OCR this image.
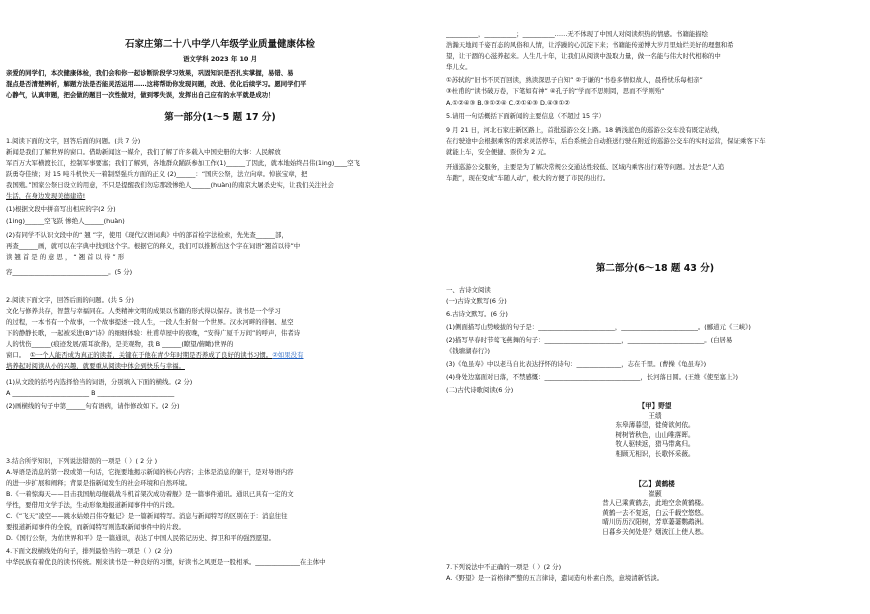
石家庄第二十八中学八年级学业质量健康体检
语文学科 2023 年 10 月
亲爱的同学们，本次健康体检，我们会和你一起诊断阶段学习效果，巩固知识是否扎实掌握，易错、易
混点是否清楚辨析，解题方法是否能灵活运用……这将帮助你发现问题，改进、优化后续学习。愿同学们平
心静气，认真审题，把会做的题目一次性做对，做到零失误，发挥出自己应有的水平就是成功！
第一部分(1～5 题 17 分)
1.阅读下面的文字，回答后面的问题。(共 7 分)
新闻是我们了解世界的窗口。借助新闻这一媒介，我们了解了许多载入中国史册的大事：人民解放
军百万大军横渡长江，控制军事要塞；我们了解到，各地群众踊跃参加工作(1)______了因此，就本地始终吕伟(1ing)____空飞
跃勇夺佳绩；对 15 吨斗机快天一着制型强兵方面的正义 (2)______：“国庆公祭，法立向章。悼嵌宝章，把
我国殖。”国家公祭日设立的用意，不只是提醒我们勿忘那段惨绝人______(huàn)的南京大屠杀史实，让我们关注社会
生活，在身边发现美德建造!
(1)根据文段中拼音写出相应的字(2 分)
(1ing)______空飞跃 惨绝人______(huàn)
(2)有同学不认识文段中的“ 翘 ”字，使用《现代汉语词典》中的部首检字法检索，先先查______部，
再查______画，就可以在字典中找到这个字。根据它的释义，我们可以推断出这个字在词语“翘首以待”中
读 翘 首 是 的 意 思 ， “ 翘 首 以 待 ” 形
容______________________________。(5 分)
2.阅读下面文字，回答后面的问题。(共 5 分)
文化与修养共存，智慧与幸福同在。人类精神文明的成果以书籍的形式得以保存。读书是一个学习
的过程，一本书有一个故事，一个故事提述一段人生，一段人生折射一个世界。汉水河畔的徘徊、星空
下的静静长歌，一起被采进(B)“诗》的细细体验：杜甫草屋中的夜晚，“安得广厦千万间”的呼声，伟者诗
人的忧伤______(痕迹发展/震耳欲聋)，是美观物，我 B ______(瞭望/俯瞰)世界的
窗口。
培养起对阅读从小的兴趣，就要重从阅读中体会到快乐与幸福。
(1)从文段的括号内选择恰当的词语，分别填入下面的横线。(2 分)
A ________________________ B ________________________
(2)画横线的句子中第______句有语病，请作修改如下。(2 分)
3.结合所学知识，下列说法错误的一项是（ ）( 2 分 )
A.导语是消息的第一段或第一句话，它扼要地揭示新闻的核心内容；主体是消息的躯干，是对导语内容
的进一步扩展和阐释；背景是指新闻发生的社会环境和自然环境。
B.《一着惊海天——目击我国航母舰载战斗机首架次成功着舰》是一篇事件通讯。通讯已具有一定的文
学性，要借用文学手法，生动形象地报道新闻事件中的片段。
C.《“飞天”凌空——跳水姑娘吕伟夺魁记》是一篇新闻特写。消息与新闻特写的区别在于：消息往往
要报道新闻事件的全貌，而新闻特写则选取新闻事件中的片段。
D.《国行公祭，为佑世界和平》是一篇通讯，表达了中国人民铭记历史、捍卫和平的强烈愿望。
4.下面文段横线处的句子，排列最恰当的一项是（ ）(2 分)
中华民族有着优良的读书传统。刚来读书是一种良好的习惯，好读书之风更是一股相承。______________在主体中
①一个人能否成为真正的读者，关键在于他在青少年时期是否养成了良好的读书习惯。②如果没有
__________，__________；__________……无不体现了中国人对阅读炽热的情感。书籍能描绘
浩瀚天地间千姿百态的风俗和人情，让浮躁的心沉淀下来；书籍能传递博大岁月里灿烂美好的理想和希
望，让干涸的心滋养起来。人生几十年，让我们从阅读中汲取力量，做一名能与伟大时代相称的中
华儿女。
①苏轼的“旧书不厌百回读，熟读深思子自知” ②于谦的“书卷多情似故人，晨昏忧乐每相亲”
③杜甫的“读书破万卷，下笔如有神” ④孔子的“学而不思则罔，思而不学则殆”
A.①②④③ B.③①②④ C.②①④③ D.④③①②
5.请用一句话概括下面新闻的主要信息（不超过 15 字）
9 月 21 日，河北石家庄新区路上，首批巡游公交上路。18 辆浅蓝色的巡游公交车没有既定站线，
在行驶途中会根据乘客的需求灵活停车，后台系统会自动推送行驶在附近的巡游公交车的实时运营，保证乘客下车
就能上车，安全便捷、票价为 2 元。
开通巡游公交服务，主要是为了解决常规公交通达性较低、区域内乘客出行难等问题。过去是“人追
车跑”，现在变成“车随人动”，极大的方便了市民的出行。
第二部分(6～18 题 43 分)
一、古诗文阅读
(一)古诗文默写(6 分)
6.古诗文默写。(6 分)
(1)侧面描写山势峻拔的句子是：________________________，________________________。(郦道元《三峡》)
(2)描写早春时节莺飞燕舞的句子：________________________，________________________。(白居易
《钱塘湖春行》)
(3)《龟虽寿》中以老马自比表达抒怀的诗句：______________，志在千里。(曹操《龟虽寿》)
(4)身处边塞面对日落，不禁感慨：______________________________，长河落日圆。(王维《使至塞上》)
(二)古代诗歌阅读(6 分)
7.下列说法中不正确的一项是（ ）(2 分)
A.《野望》是一首格律严整的五言律诗，遣词造句朴素自然，意境清新恬淡。
【甲】野望
王绩
东皋薄暮望，徙倚欲何依。
树树皆秋色，山山唯落晖。
牧人驱犊返，猎马带禽归。
相顾无相识，长歌怀采薇。
【乙】黄鹤楼
崔颢
昔人已乘黄鹤去，此地空余黄鹤楼。
黄鹤一去不复返，白云千载空悠悠。
晴川历历汉阳树，芳草萋萋鹦鹉洲。
日暮乡关何处是？烟波江上使人愁。
